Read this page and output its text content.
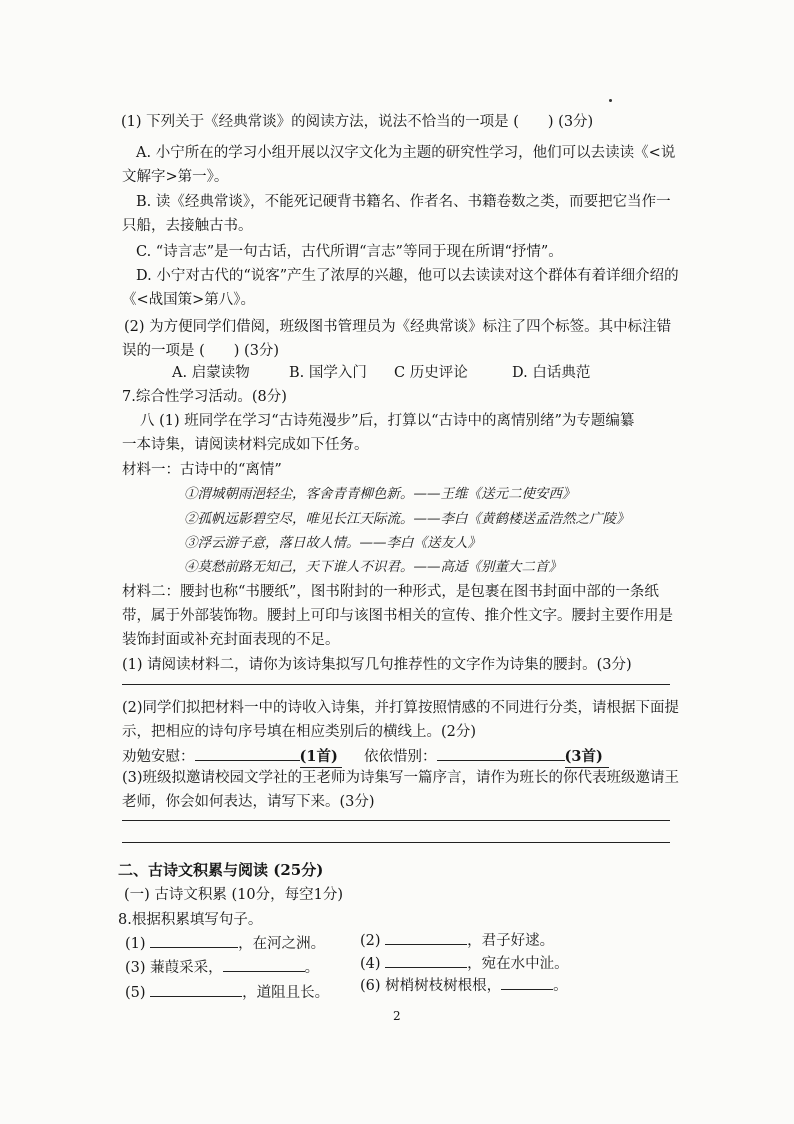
(1) 下列关于《经典常谈》的阅读方法，说法不恰当的一项是 (　　) (3分)
A. 小宁所在的学习小组开展以汉字文化为主题的研究性学习，他们可以去读读《<说
文解字>第一》。
B. 读《经典常谈》，不能死记硬背书籍名、作者名、书籍卷数之类，而要把它当作一
只船，去接触古书。
C. “诗言志”是一句古话，古代所谓“言志”等同于现在所谓“抒情”。
D. 小宁对古代的“说客”产生了浓厚的兴趣，他可以去读读对这个群体有着详细介绍的
《<战国策>第八》。
(2) 为方便同学们借阅，班级图书管理员为《经典常谈》标注了四个标签。其中标注错
误的一项是 (　　) (3分)
A. 启蒙读物	B. 国学入门 C 历史评论	D. 白话典范
7.综合性学习活动。(8分)
八 (1) 班同学在学习“古诗苑漫步”后，打算以“古诗中的离情别绪”为专题编纂
一本诗集，请阅读材料完成如下任务。
材料一：古诗中的“离情”
①渭城朝雨浥轻尘，客舍青青柳色新。——王维《送元二使安西》
②孤帆远影碧空尽，唯见长江天际流。——李白《黄鹤楼送孟浩然之广陵》
③浮云游子意，落日故人情。——李白《送友人》
④莫愁前路无知己，天下谁人不识君。——高适《别董大二首》
材料二：腰封也称“书腰纸”，图书附封的一种形式，是包裹在图书封面中部的一条纸
带，属于外部装饰物。腰封上可印与该图书相关的宣传、推介性文字。腰封主要作用是
装饰封面或补充封面表现的不足。
(1) 请阅读材料二，请你为该诗集拟写几句推荐性的文字作为诗集的腰封。(3分)
(2)同学们拟把材料一中的诗收入诗集，并打算按照情感的不同进行分类，请根据下面提
示，把相应的诗句序号填在相应类别后的横线上。(2分)
劝勉安慰：	(1首) 依依惜别：	(3首)
(3)班级拟邀请校园文学社的王老师为诗集写一篇序言，请作为班长的你代表班级邀请王
老师，你会如何表达，请写下来。(3分)
二、古诗文积累与阅读 (25分)
(一) 古诗文积累 (10分，每空1分)
8.根据积累填写句子。
(1)	，在河之洲。 (2)	，君子好逑。
(3) 蒹葭采采，	。	(4)	，宛在水中沚。
(5)	，道阻且长。 (6) 树梢树枝树根根，	。
2
